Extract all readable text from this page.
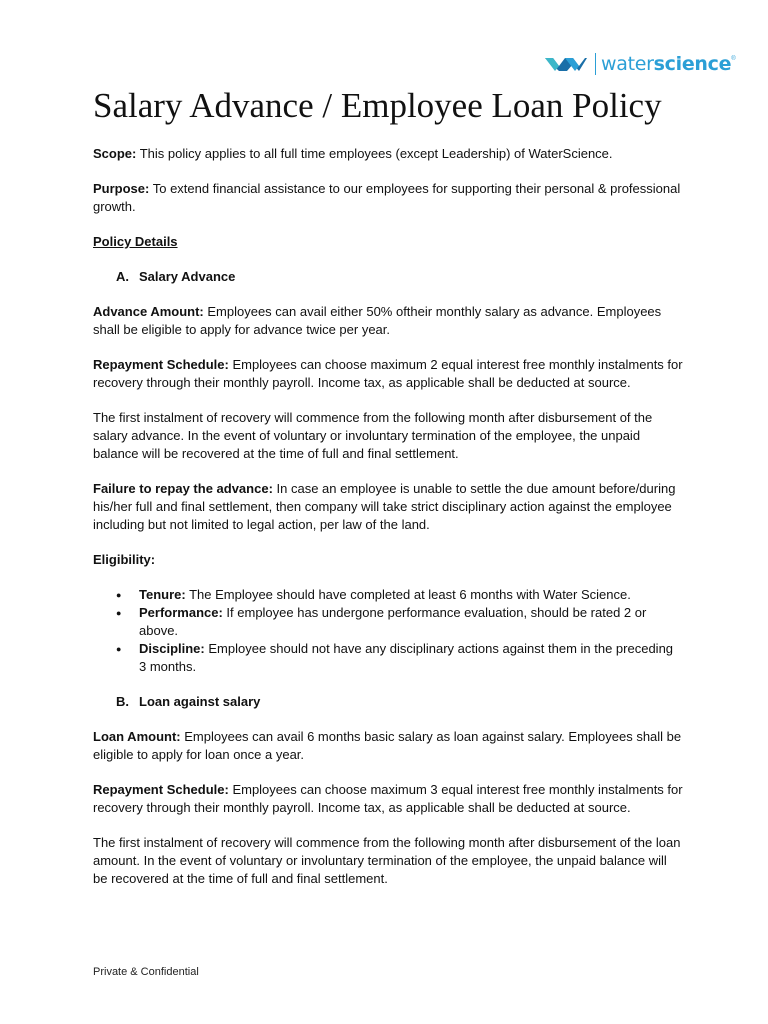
waterscience ®
Salary Advance / Employee Loan Policy

Scope: This policy applies to all full time employees (except Leadership) of WaterScience.

Purpose: To extend financial assistance to our employees for supporting their personal & professional growth.

Policy Details

A. Salary Advance

Advance Amount: Employees can avail either 50% oftheir monthly salary as advance. Employees shall be eligible to apply for advance twice per year.

Repayment Schedule: Employees can choose maximum 2 equal interest free monthly instalments for recovery through their monthly payroll. Income tax, as applicable shall be deducted at source.

The first instalment of recovery will commence from the following month after disbursement of the salary advance. In the event of voluntary or involuntary termination of the employee, the unpaid balance will be recovered at the time of full and final settlement.

Failure to repay the advance: In case an employee is unable to settle the due amount before/during his/her full and final settlement, then company will take strict disciplinary action against the employee including but not limited to legal action, per law of the land.

Eligibility:

● Tenure: The Employee should have completed at least 6 months with Water Science.
● Performance: If employee has undergone performance evaluation, should be rated 2 or above.
● Discipline: Employee should not have any disciplinary actions against them in the preceding 3 months.
B. Loan against salary

Loan Amount: Employees can avail 6 months basic salary as loan against salary. Employees shall be eligible to apply for loan once a year.

Repayment Schedule: Employees can choose maximum 3 equal interest free monthly instalments for recovery through their monthly payroll. Income tax, as applicable shall be deducted at source.

The first instalment of recovery will commence from the following month after disbursement of the loan amount. In the event of voluntary or involuntary termination of the employee, the unpaid balance will be recovered at the time of full and final settlement.

Private & Confidential
